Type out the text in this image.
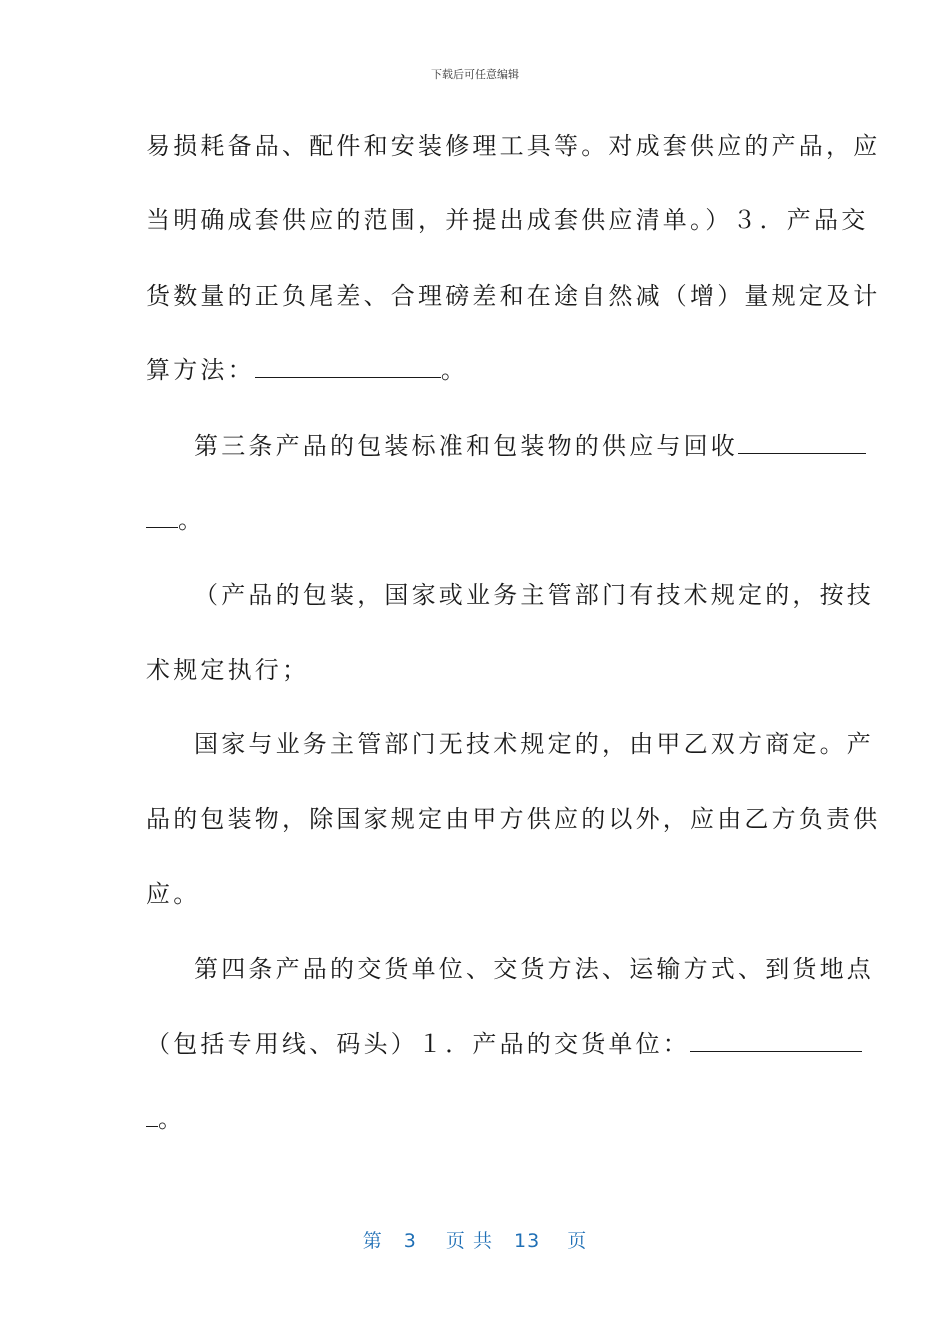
下载后可任意编辑
易损耗备品、配件和安装修理工具等。对成套供应的产品，应
当明确成套供应的范围，并提出成套供应清单。）３．产品交
货数量的正负尾差、合理磅差和在途自然减（增）量规定及计
算方法：	。
第三条产品的包装标准和包装物的供应与回收
。
（产品的包装，国家或业务主管部门有技术规定的，按技
术规定执行；
国家与业务主管部门无技术规定的，由甲乙双方商定。产
品的包装物，除国家规定由甲方供应的以外，应由乙方负责供
应。
第四条产品的交货单位、交货方法、运输方式、到货地点
（包括专用线、码头）１．产品的交货单位：
。
第 3 页 共 13 页
